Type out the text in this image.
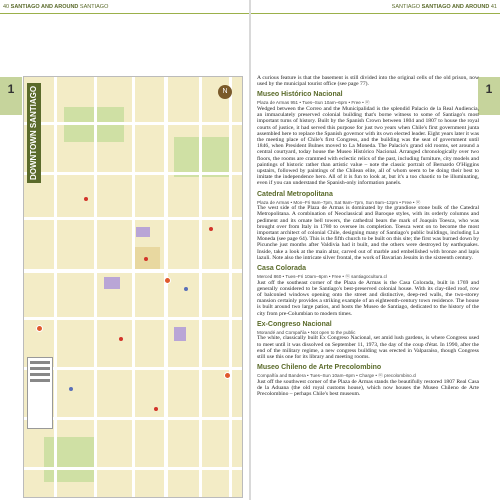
40 SANTIAGO AND AROUND SANTIAGO
1	DOWNTOWN SANTIAGO	N
SANTIAGO SANTIAGO AND AROUND 41
1

A curious feature is that the basement is still divided into the original cells of the old prison, now used by the municipal tourist office (see page 77).

Museo Histórico Nacional
Plaza de Armas 951 • Tues–Sun 10am–6pm • Free • ⓦ

Wedged between the Correo and the Municipalidad is the splendid Palacio de la Real Audiencia, an immaculately preserved colonial building that's borne witness to some of Santiago's most important turns of history. Built by the Spanish Crown between 1804 and 1807 to house the royal courts of justice, it had served this purpose for just two years when Chile's first government junta assembled here to replace the Spanish governor with its own elected leader. Eight years later it was the meeting place of Chile's first Congress, and the building was the seat of government until 1846, when President Bulnes moved to La Moneda. The Palacio's grand old rooms, set around a central courtyard, today house the Museo Histórico Nacional. Arranged chronologically over two floors, the rooms are crammed with eclectic relics of the past, including furniture, city models and paintings of historic rather than artistic value – note the classic portrait of Bernardo O'Higgins upstairs, followed by paintings of the Chilean elite, all of whom seem to be doing their best to imitate the independence hero. All of it is fun to look at, but it's a too chaotic to be illuminating, even if you can understand the Spanish-only information panels.

Catedral Metropolitana
Plaza de Armas • Mon–Fri 9am–7pm, Sat 9am–7pm, Sun 9am–12pm • Free • ⓦ

The west side of the Plaza de Armas is dominated by the grandiose stone bulk of the Catedral Metropolitana. A combination of Neoclassical and Baroque styles, with its orderly columns and pediment and its ornate bell towers, the cathedral bears the mark of Joaquín Toesca, who was brought over from Italy in 1780 to oversee its completion. Toesca went on to become the most important architect of colonial Chile, designing many of Santiago's public buildings, including La Moneda (see page 64). This is the fifth church to be built on this site; the first was burned down by Picunche just months after Valdivia had it built, and the others were destroyed by earthquakes. Inside, take a look at the main altar, carved out of marble and embellished with bronze and lapis lazuli. Note also the intricate silver frontal, the work of Bavarian Jesuits in the sixteenth century.

Casa Colorada
Merced 860 • Tues–Fri 10am–6pm • Free • ⓦ santiagocultura.cl

Just off the southeast corner of the Plaza de Armas is the Casa Colorada, built in 1769 and generally considered to be Santiago's best-preserved colonial house. With its clay-tiled roof, row of balconied windows opening onto the street and distinctive, deep-red walls, the two-storey mansion certainly provides a striking example of an eighteenth-century town residence. The house is built around two large patios, and hosts the Museo de Santiago, dedicated to the history of the city from pre-Columbian to modern times.

Ex-Congreso Nacional
Morandé and Compañía • Not open to the public

The white, classically built Ex Congreso Nacional, set amid lush gardens, is where Congress used to meet until it was dissolved on September 11, 1973, the day of the coup d'état. In 1990, after the end of the military regime, a new congress building was erected in Valparaíso, though Congress still use this one for its library and meeting rooms.

Museo Chileno de Arte Precolombino
Compañía and Bandera • Tues–Sun 10am–6pm • Charge • ⓦ precolombino.cl

Just off the southwest corner of the Plaza de Armas stands the beautifully restored 1807 Real Casa de la Aduana (the old royal customs house), which now houses the Museo Chileno de Arte Precolombino – perhaps Chile's best museum.
